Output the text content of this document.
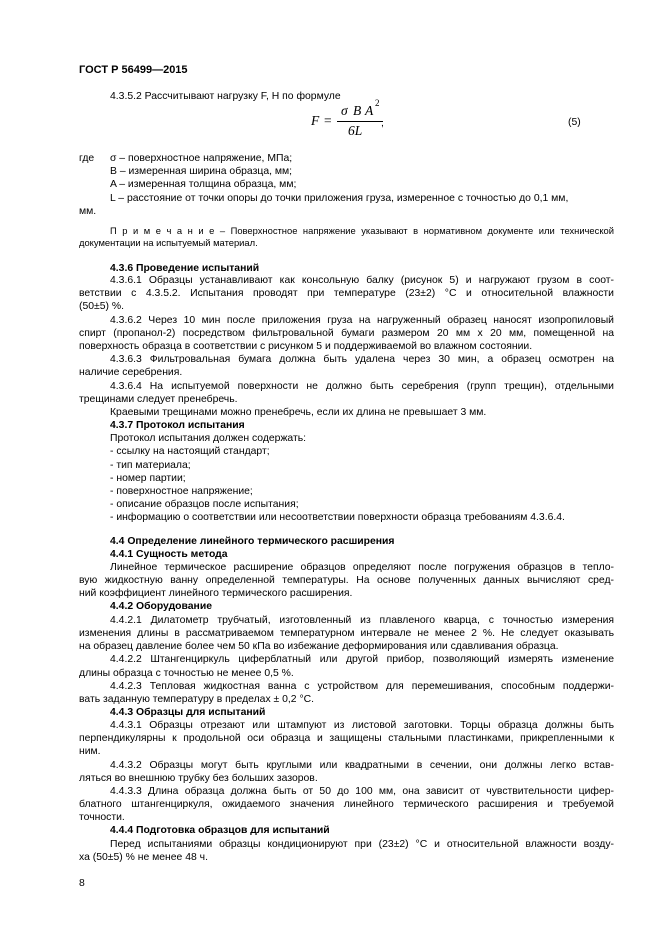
ГОСТ Р 56499—2015
4.3.5.2 Рассчитывают нагрузку F, Н по формуле
F =
σ B A 2
6L ,	(5)
где σ – поверхностное напряжение, МПа;
B – измеренная ширина образца, мм;
A – измеренная толщина образца, мм;
L – расстояние от точки опоры до точки приложения груза, измеренное с точностью до 0,1 мм,
мм.
П р и м е ч а н и е – Поверхностное напряжение указывают в нормативном документе или технической
документации на испытуемый материал.
4.3.6 Проведение испытаний
4.3.6.1 Образцы устанавливают как консольную балку (рисунок 5) и нагружают грузом в соот-
ветствии с 4.3.5.2. Испытания проводят при температуре (23±2) °С и относительной влажности
(50±5) %.
4.3.6.2 Через 10 мин после приложения груза на нагруженный образец наносят изопропиловый
спирт (пропанол-2) посредством фильтровальной бумаги размером 20 мм х 20 мм, помещенной на
поверхность образца в соответствии с рисунком 5 и поддерживаемой во влажном состоянии.
4.3.6.3 Фильтровальная бумага должна быть удалена через 30 мин, а образец осмотрен на
наличие серебрения.
4.3.6.4 На испытуемой поверхности не должно быть серебрения (групп трещин), отдельными
трещинами следует пренебречь.
Краевыми трещинами можно пренебречь, если их длина не превышает 3 мм.
4.3.7 Протокол испытания
Протокол испытания должен содержать:
- ссылку на настоящий стандарт;
- тип материала;
- номер партии;
- поверхностное напряжение;
- описание образцов после испытания;
- информацию о соответствии или несоответствии поверхности образца требованиям 4.3.6.4.
4.4 Определение линейного термического расширения
4.4.1 Сущность метода
Линейное термическое расширение образцов определяют после погружения образцов в тепло-
вую жидкостную ванну определенной температуры. На основе полученных данных вычисляют сред-
ний коэффициент линейного термического расширения.
4.4.2 Оборудование
4.4.2.1 Дилатометр трубчатый, изготовленный из плавленого кварца, с точностью измерения
изменения длины в рассматриваемом температурном интервале не менее 2 %. Не следует оказывать
на образец давление более чем 50 кПа во избежание деформирования или сдавливания образца.
4.4.2.2 Штангенциркуль циферблатный или другой прибор, позволяющий измерять изменение
длины образца с точностью не менее 0,5 %.
4.4.2.3 Тепловая жидкостная ванна с устройством для перемешивания, способным поддержи-
вать заданную температуру в пределах ± 0,2 °С.
4.4.3 Образцы для испытаний
4.4.3.1 Образцы отрезают или штампуют из листовой заготовки. Торцы образца должны быть
перпендикулярны к продольной оси образца и защищены стальными пластинками, прикрепленными к
ним.
4.4.3.2 Образцы могут быть круглыми или квадратными в сечении, они должны легко встав-
ляться во внешнюю трубку без больших зазоров.
4.4.3.3 Длина образца должна быть от 50 до 100 мм, она зависит от чувствительности цифер-
блатного штангенциркуля, ожидаемого значения линейного термического расширения и требуемой
точности.
4.4.4 Подготовка образцов для испытаний
Перед испытаниями образцы кондиционируют при (23±2) °С и относительной влажности возду-
ха (50±5) % не менее 48 ч.
8
